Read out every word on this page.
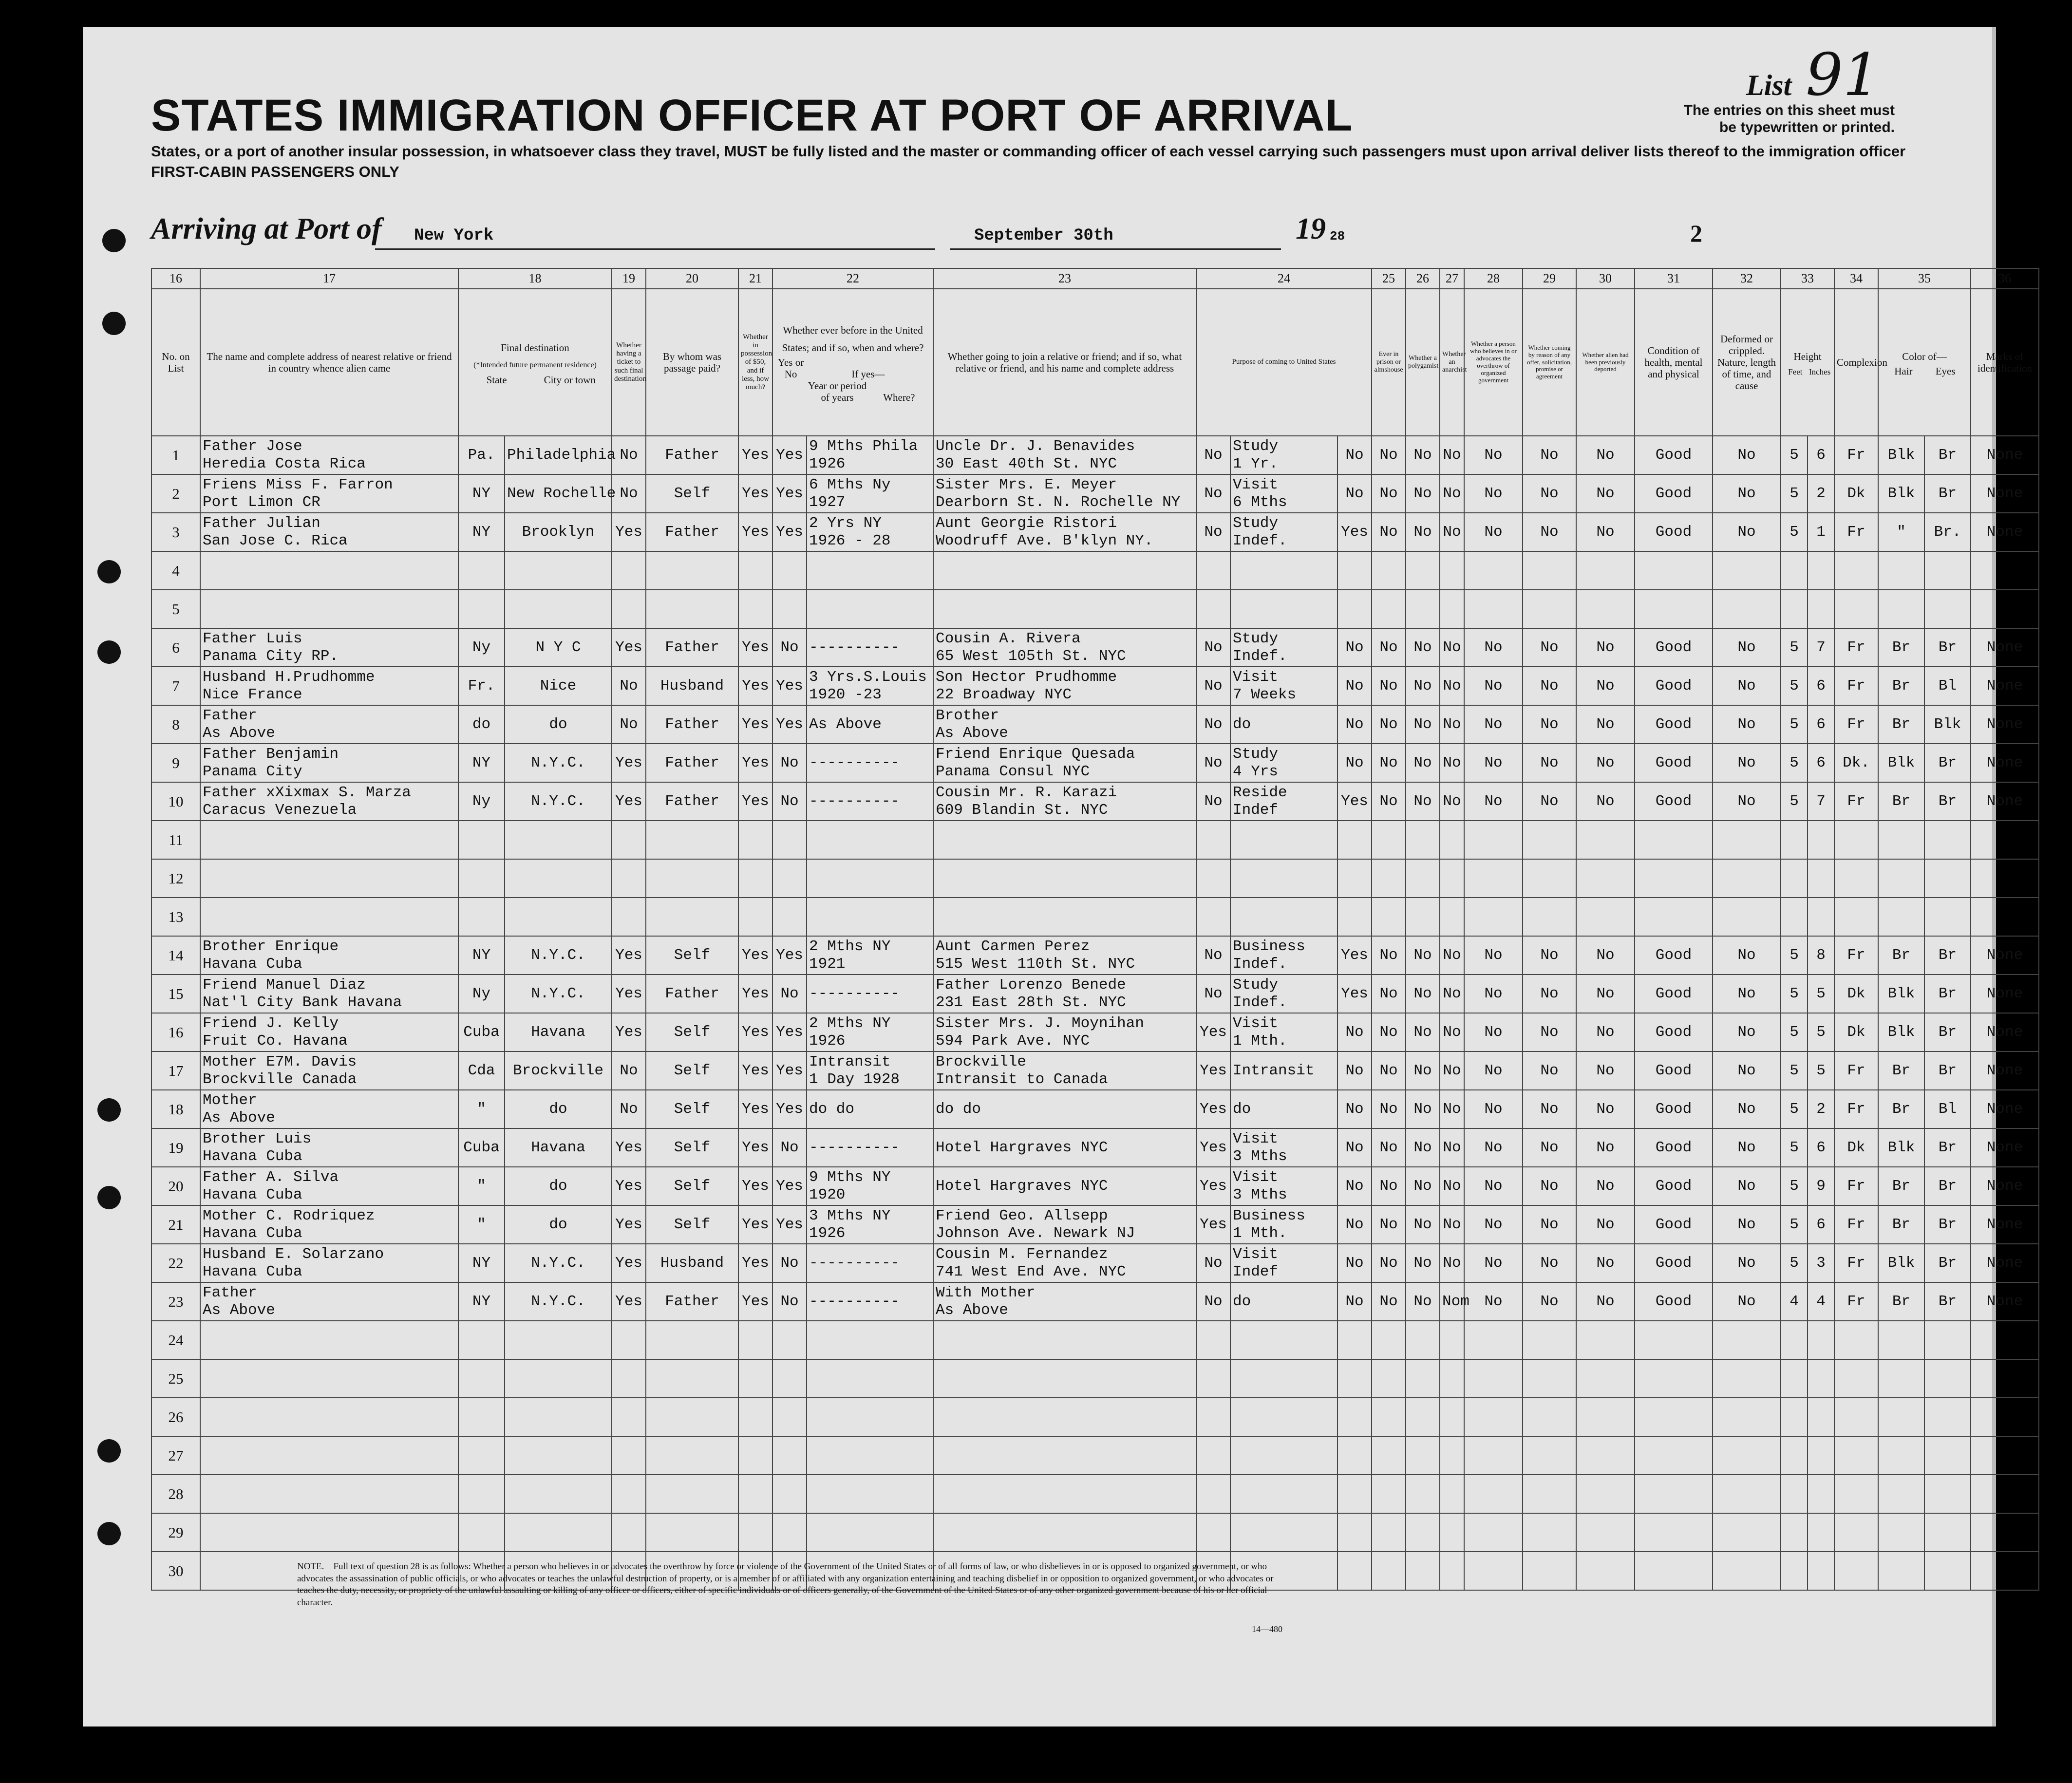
List 91
STATES IMMIGRATION OFFICER AT PORT OF ARRIVAL	The entries on this sheet must be typewritten or printed.
States, or a port of another insular possession, in whatsoever class they travel, MUST be fully listed and the master or commanding officer of each vessel carrying such passengers must upon arrival deliver lists thereof to the immigration officer
FIRST-CABIN PASSENGERS ONLY
Arriving at Port of New York	September 30th	19 28	2
16	17	18		19	20	21	22		23	24			25	26	27	28	29	30	31	32	33		34	35		36
No. on List	The name and complete address of nearest relative or friend in country whence alien came	Final destination
(*Intended future permanent residence)
State City or town		Whether having a ticket to such final destination	By whom was passage paid?	Whether in possession of $50, and if less, how much?	Whether ever before in the United States; and if so, when and where?
Yes or No If yes—  Year or period of years Where?		Whether going to join a relative or friend; and if so, what relative or friend, and his name and complete address	Purpose of coming to United States			Ever in prison or almshouse	Whether a polygamist	Whether an anarchist	Whether a person who believes in or advocates the overthrow of organized government	Whether coming by reason of any offer, solicitation, promise or agreement	Whether alien had been previously deported	Condition of health, mental and physical	Deformed or crippled. Nature, length of time, and cause	Height
Feet Inches		Complexion	Color of—
Hair Eyes		Marks of identification
1	Father Jose
Heredia Costa Rica	Pa.	Philadelphia	No	Father	Yes	Yes	9 Mths Phila
1926	Uncle Dr. J. Benavides
30 East 40th St. NYC	No	Study
1 Yr.	No	No	No	No	No	No	No	Good	No	5	6	Fr	Blk	Br	None
2	Friens Miss F. Farron
Port Limon CR	NY	New Rochelle	No	Self	Yes	Yes	6 Mths Ny
1927	Sister Mrs. E. Meyer
Dearborn St. N. Rochelle NY	No	Visit
6 Mths	No	No	No	No	No	No	No	Good	No	5	2	Dk	Blk	Br	None
3	Father Julian
San Jose C. Rica	NY	Brooklyn	Yes	Father	Yes	Yes	2 Yrs NY
1926 - 28	Aunt Georgie Ristori
Woodruff Ave. B'klyn NY.	No	Study
Indef.	Yes	No	No	No	No	No	No	Good	No	5	1	Fr	"	Br.	None
4	

5	

6	Father Luis
Panama City RP.	Ny	N Y C	Yes	Father	Yes	No	----------	Cousin A. Rivera
65 West 105th St. NYC	No	Study
Indef.	No	No	No	No	No	No	No	Good	No	5	7	Fr	Br	Br	None
7	Husband H.Prudhomme
Nice France	Fr.	Nice	No	Husband	Yes	Yes	3 Yrs.S.Louis
1920 -23	Son Hector Prudhomme
22 Broadway NYC	No	Visit
7 Weeks	No	No	No	No	No	No	No	Good	No	5	6	Fr	Br	Bl	None
8	Father
As Above	do	do	No	Father	Yes	Yes	As Above	Brother
As Above	No	do	No	No	No	No	No	No	No	Good	No	5	6	Fr	Br	Blk	None
9	Father Benjamin
Panama City	NY	N.Y.C.	Yes	Father	Yes	No	----------	Friend Enrique Quesada
Panama Consul NYC	No	Study
4 Yrs	No	No	No	No	No	No	No	Good	No	5	6	Dk.	Blk	Br	None
10	Father xXixmax S. Marza
Caracus Venezuela	Ny	N.Y.C.	Yes	Father	Yes	No	----------	Cousin Mr. R. Karazi
609 Blandin St. NYC	No	Reside
Indef	Yes	No	No	No	No	No	No	Good	No	5	7	Fr	Br	Br	None
11	

12	

13	

14	Brother Enrique
Havana Cuba	NY	N.Y.C.	Yes	Self	Yes	Yes	2 Mths NY
1921	Aunt Carmen Perez
515 West 110th St. NYC	No	Business
Indef.	Yes	No	No	No	No	No	No	Good	No	5	8	Fr	Br	Br	None
15	Friend Manuel Diaz
Nat'l City Bank Havana	Ny	N.Y.C.	Yes	Father	Yes	No	----------	Father Lorenzo Benede
231 East 28th St. NYC	No	Study
Indef.	Yes	No	No	No	No	No	No	Good	No	5	5	Dk	Blk	Br	None
16	Friend J. Kelly
Fruit Co. Havana	Cuba	Havana	Yes	Self	Yes	Yes	2 Mths NY
1926	Sister Mrs. J. Moynihan
594 Park Ave. NYC	Yes	Visit
1 Mth.	No	No	No	No	No	No	No	Good	No	5	5	Dk	Blk	Br	None
17	Mother E7M. Davis
Brockville Canada	Cda	Brockville	No	Self	Yes	Yes	Intransit
1 Day 1928	Brockville
Intransit to Canada	Yes	Intransit	No	No	No	No	No	No	No	Good	No	5	5	Fr	Br	Br	None
18	Mother
As Above	"	do	No	Self	Yes	Yes	do do	do do	Yes	do	No	No	No	No	No	No	No	Good	No	5	2	Fr	Br	Bl	None
19	Brother Luis
Havana Cuba	Cuba	Havana	Yes	Self	Yes	No	----------	Hotel Hargraves NYC	Yes	Visit
3 Mths	No	No	No	No	No	No	No	Good	No	5	6	Dk	Blk	Br	None
20	Father A. Silva
Havana Cuba	"	do	Yes	Self	Yes	Yes	9 Mths NY
1920	Hotel Hargraves NYC	Yes	Visit
3 Mths	No	No	No	No	No	No	No	Good	No	5	9	Fr	Br	Br	None
21	Mother C. Rodriquez
Havana Cuba	"	do	Yes	Self	Yes	Yes	3 Mths NY
1926	Friend Geo. Allsepp
Johnson Ave. Newark NJ	Yes	Business
1 Mth.	No	No	No	No	No	No	No	Good	No	5	6	Fr	Br	Br	None
22	Husband E. Solarzano
Havana Cuba	NY	N.Y.C.	Yes	Husband	Yes	No	----------	Cousin M. Fernandez
741 West End Ave. NYC	No	Visit
Indef	No	No	No	No	No	No	No	Good	No	5	3	Fr	Blk	Br	None
23	Father
As Above	NY	N.Y.C.	Yes	Father	Yes	No	----------	With Mother
As Above	No	do	No	No	No	Nom	No	No	No	Good	No	4	4	Fr	Br	Br	None
24	

25	

26	

27	

28	

29	

30	

																NOTE.—Full text of question 28 is as follows: Whether a person who believes in or advocates the overthrow by force or violence of the Government of the United States or of all forms of law, or who disbelieves in or is opposed to organized government, or who advocates the assassination of public officials, or who advocates or teaches the unlawful destruction of property, or is a member of or affiliated with any organization entertaining and teaching disbelief in or opposition to organized government, or who advocates or teaches the duty, necessity, or propriety of the unlawful assaulting or killing of any officer or officers, either of specific individuals or of officers generally, of the Government of the United States or of any other organized government because of his or her official character.
14—480
